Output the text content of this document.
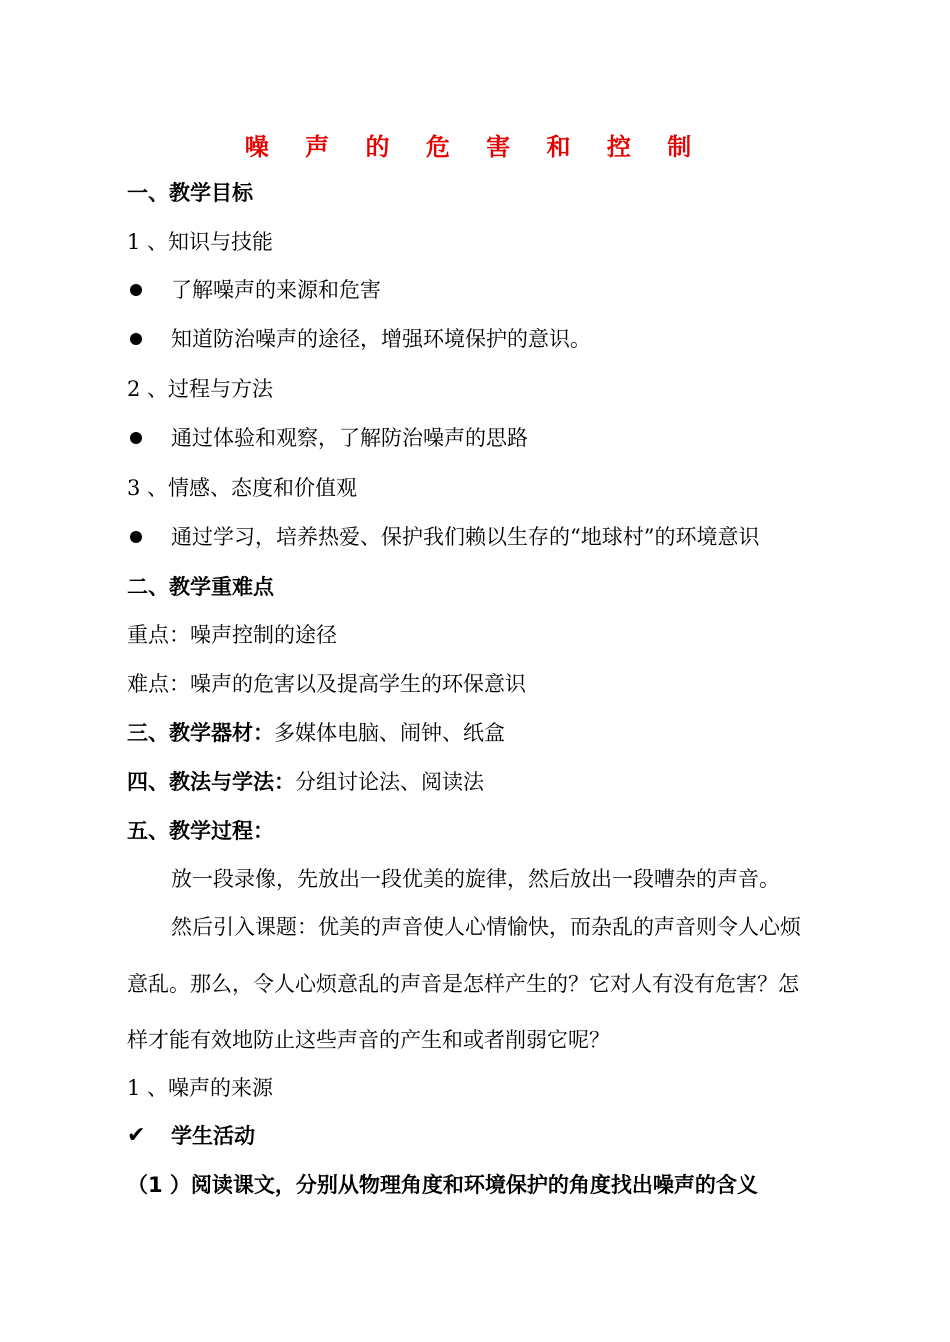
噪 声 的 危 害 和 控 制
一、教学目标
1 、知识与技能
了解噪声的来源和危害
知道防治噪声的途径，增强环境保护的意识。
2 、过程与方法
通过体验和观察，了解防治噪声的思路
3 、情感、态度和价值观
通过学习，培养热爱、保护我们赖以生存的“地球村”的环境意识
二、教学重难点
重点：噪声控制的途径
难点：噪声的危害以及提高学生的环保意识
三、教学器材：多媒体电脑、闹钟、纸盒
四、教法与学法：分组讨论法、阅读法
五、教学过程：
放一段录像，先放出一段优美的旋律，然后放出一段嘈杂的声音。
然后引入课题：优美的声音使人心情愉快，而杂乱的声音则令人心烦
意乱。那么，令人心烦意乱的声音是怎样产生的？它对人有没有危害？怎
样才能有效地防止这些声音的产生和或者削弱它呢？
1 、噪声的来源
✔ 学生活动
（1 ）阅读课文，分别从物理角度和环境保护的角度找出噪声的含义
